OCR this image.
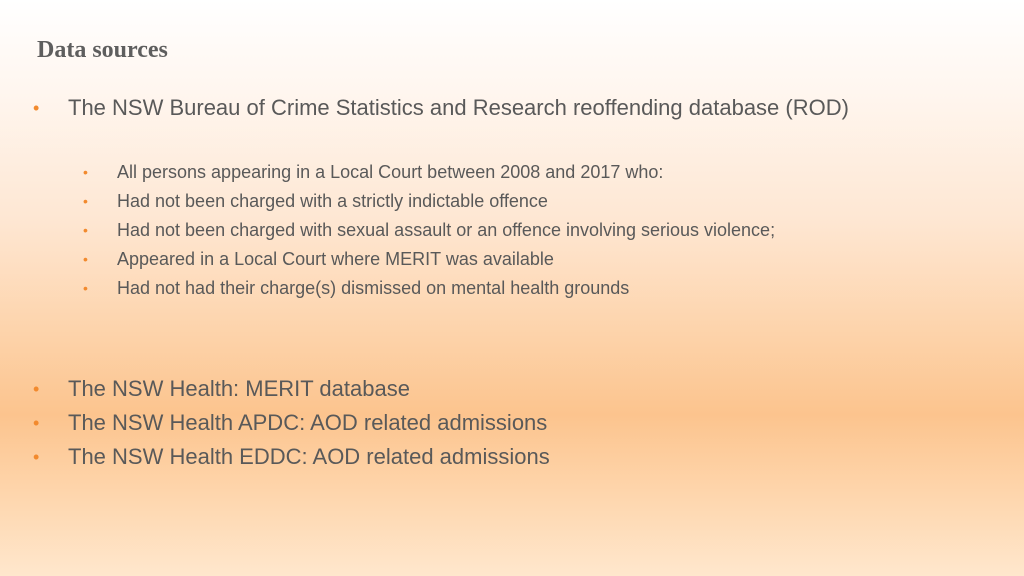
Data sources
•	The NSW Bureau of Crime Statistics and Research reoffending database (ROD)
•	All persons appearing in a Local Court between 2008 and 2017 who:
•	Had not been charged with a strictly indictable offence
•	Had not been charged with sexual assault or an offence involving serious violence;
•	Appeared in a Local Court where MERIT was available
•	Had not had their charge(s) dismissed on mental health grounds
•	The NSW Health: MERIT database
•	The NSW Health APDC: AOD related admissions
•	The NSW Health EDDC: AOD related admissions
